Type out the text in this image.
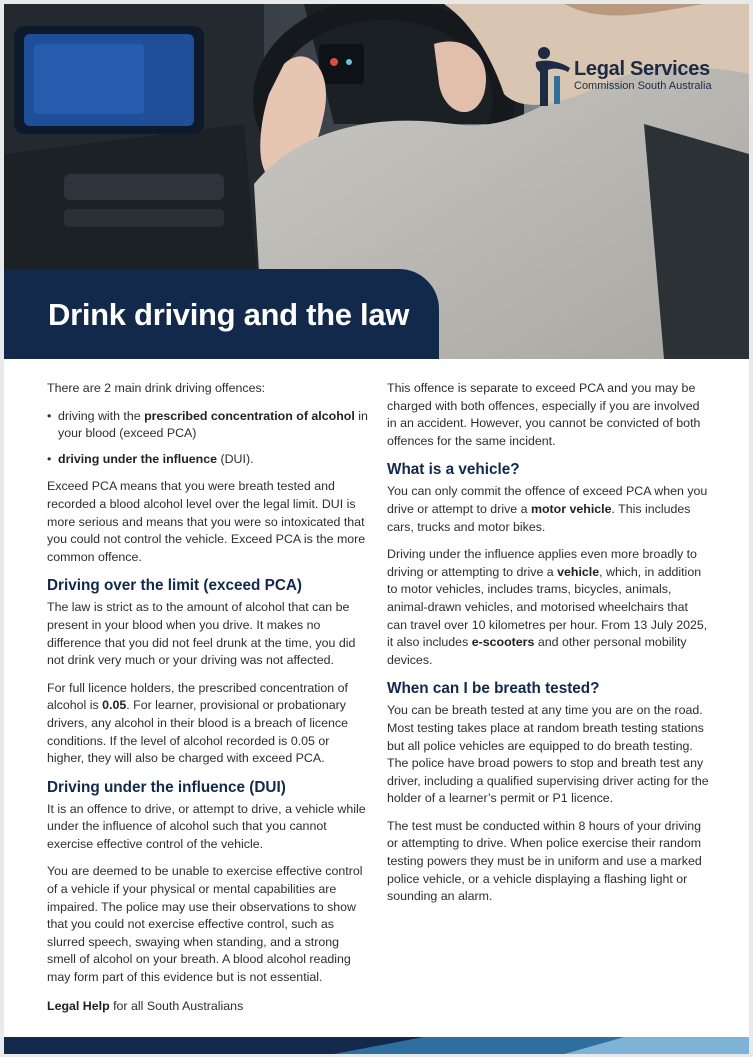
Legal Services
Commission South Australia
Drink driving and the law

There are 2 main drink driving offences:

• driving with the prescribed concentration of alcohol in your blood (exceed PCA)
• driving under the influence (DUI).

Exceed PCA means that you were breath tested and recorded a blood alcohol level over the legal limit. DUI is more serious and means that you were so intoxicated that you could not control the vehicle. Exceed PCA is the more common offence.

Driving over the limit (exceed PCA)

The law is strict as to the amount of alcohol that can be present in your blood when you drive. It makes no difference that you did not feel drunk at the time, you did not drink very much or your driving was not affected.

For full licence holders, the prescribed concentration of alcohol is 0.05. For learner, provisional or probationary drivers, any alcohol in their blood is a breach of licence conditions. If the level of alcohol recorded is 0.05 or higher, they will also be charged with exceed PCA.

Driving under the influence (DUI)

It is an offence to drive, or attempt to drive, a vehicle while under the influence of alcohol such that you cannot exercise effective control of the vehicle.

You are deemed to be unable to exercise effective control of a vehicle if your physical or mental capabilities are impaired. The police may use their observations to show that you could not exercise effective control, such as slurred speech, swaying when standing, and a strong smell of alcohol on your breath. A blood alcohol reading may form part of this evidence but is not essential.

This offence is separate to exceed PCA and you may be charged with both offences, especially if you are involved in an accident. However, you cannot be convicted of both offences for the same incident.

What is a vehicle?

You can only commit the offence of exceed PCA when you drive or attempt to drive a motor vehicle. This includes cars, trucks and motor bikes.

Driving under the influence applies even more broadly to driving or attempting to drive a vehicle, which, in addition to motor vehicles, includes trams, bicycles, animals, animal-drawn vehicles, and motorised wheelchairs that can travel over 10 kilometres per hour. From 13 July 2025, it also includes e-scooters and other personal mobility devices.

When can I be breath tested?

You can be breath tested at any time you are on the road. Most testing takes place at random breath testing stations but all police vehicles are equipped to do breath testing. The police have broad powers to stop and breath test any driver, including a qualified supervising driver acting for the holder of a learner’s permit or P1 licence.

The test must be conducted within 8 hours of your driving or attempting to drive. When police exercise their random testing powers they must be in uniform and use a marked police vehicle, or a vehicle displaying a flashing light or sounding an alarm.

Legal Help for all South Australians
